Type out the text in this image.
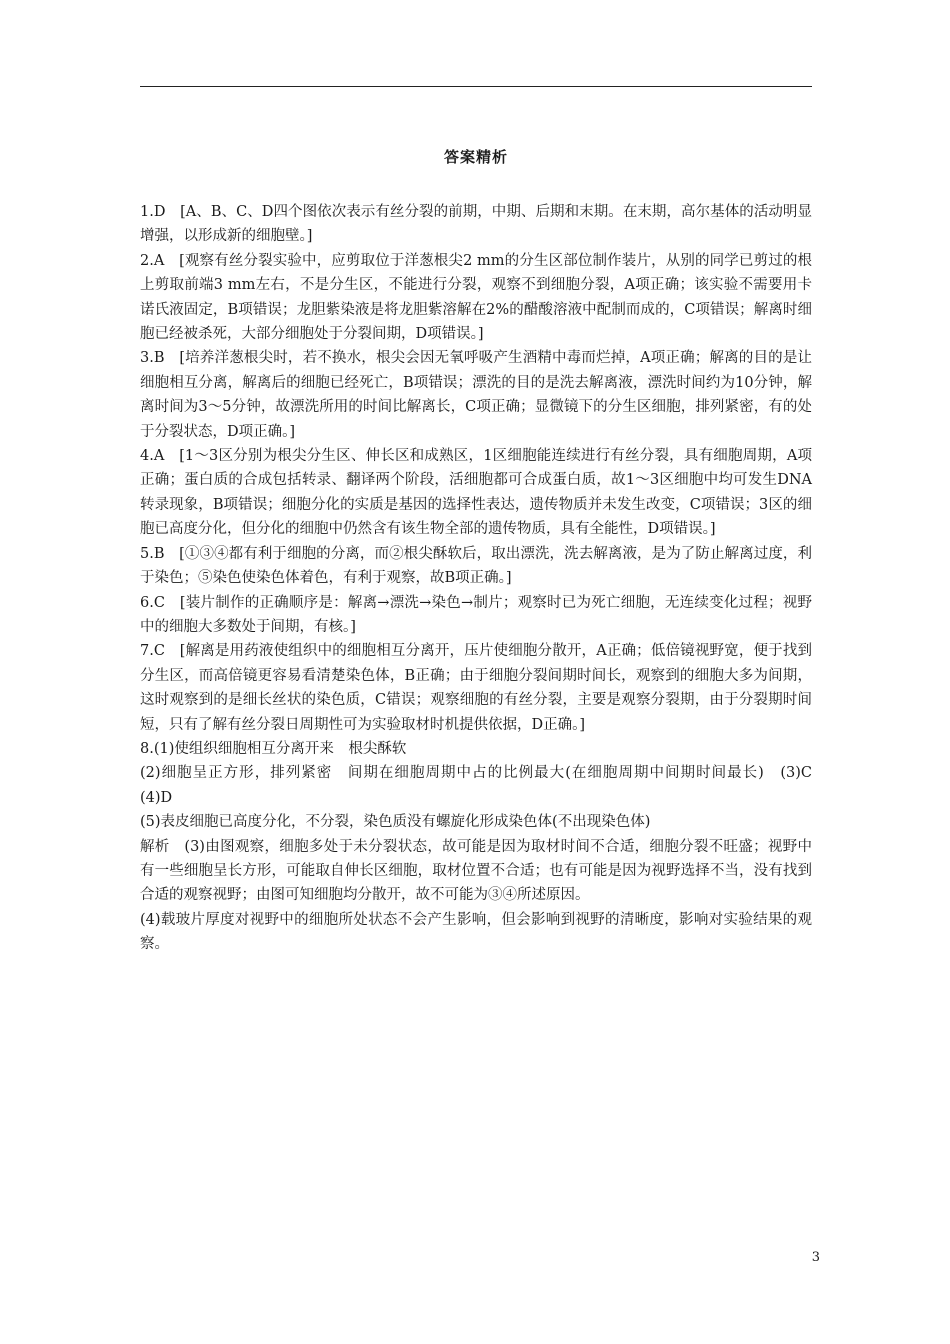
答案精析

1.D　[A、B、C、D四个图依次表示有丝分裂的前期，中期、后期和末期。在末期，高尔基体的活动明显增强，以形成新的细胞壁。]

2.A　[观察有丝分裂实验中，应剪取位于洋葱根尖2 mm的分生区部位制作装片，从别的同学已剪过的根上剪取前端3 mm左右，不是分生区，不能进行分裂，观察不到细胞分裂，A项正确；该实验不需要用卡诺氏液固定，B项错误；龙胆紫染液是将龙胆紫溶解在2%的醋酸溶液中配制而成的，C项错误；解离时细胞已经被杀死，大部分细胞处于分裂间期，D项错误。]

3.B　[培养洋葱根尖时，若不换水，根尖会因无氧呼吸产生酒精中毒而烂掉，A项正确；解离的目的是让细胞相互分离，解离后的细胞已经死亡，B项错误；漂洗的目的是洗去解离液，漂洗时间约为10分钟，解离时间为3～5分钟，故漂洗所用的时间比解离长，C项正确；显微镜下的分生区细胞，排列紧密，有的处于分裂状态，D项正确。]

4.A　[1～3区分别为根尖分生区、伸长区和成熟区，1区细胞能连续进行有丝分裂，具有细胞周期，A项正确；蛋白质的合成包括转录、翻译两个阶段，活细胞都可合成蛋白质，故1～3区细胞中均可发生DNA转录现象，B项错误；细胞分化的实质是基因的选择性表达，遗传物质并未发生改变，C项错误；3区的细胞已高度分化，但分化的细胞中仍然含有该生物全部的遗传物质，具有全能性，D项错误。]

5.B　[①③④都有利于细胞的分离，而②根尖酥软后，取出漂洗，洗去解离液，是为了防止解离过度，利于染色；⑤染色使染色体着色，有利于观察，故B项正确。]

6.C　[装片制作的正确顺序是：解离→漂洗→染色→制片；观察时已为死亡细胞，无连续变化过程；视野中的细胞大多数处于间期，有核。]

7.C　[解离是用药液使组织中的细胞相互分离开，压片使细胞分散开，A正确；低倍镜视野宽，便于找到分生区，而高倍镜更容易看清楚染色体，B正确；由于细胞分裂间期时间长，观察到的细胞大多为间期，这时观察到的是细长丝状的染色质，C错误；观察细胞的有丝分裂，主要是观察分裂期，由于分裂期时间短，只有了解有丝分裂日周期性可为实验取材时机提供依据，D正确。]

8.(1)使组织细胞相互分离开来　根尖酥软

(2)细胞呈正方形，排列紧密　间期在细胞周期中占的比例最大(在细胞周期中间期时间最长)　(3)C　(4)D

(5)表皮细胞已高度分化，不分裂，染色质没有螺旋化形成染色体(不出现染色体)

解析　(3)由图观察，细胞多处于未分裂状态，故可能是因为取材时间不合适，细胞分裂不旺盛；视野中有一些细胞呈长方形，可能取自伸长区细胞，取材位置不合适；也有可能是因为视野选择不当，没有找到合适的观察视野；由图可知细胞均分散开，故不可能为③④所述原因。

(4)载玻片厚度对视野中的细胞所处状态不会产生影响，但会影响到视野的清晰度，影响对实验结果的观察。

3
